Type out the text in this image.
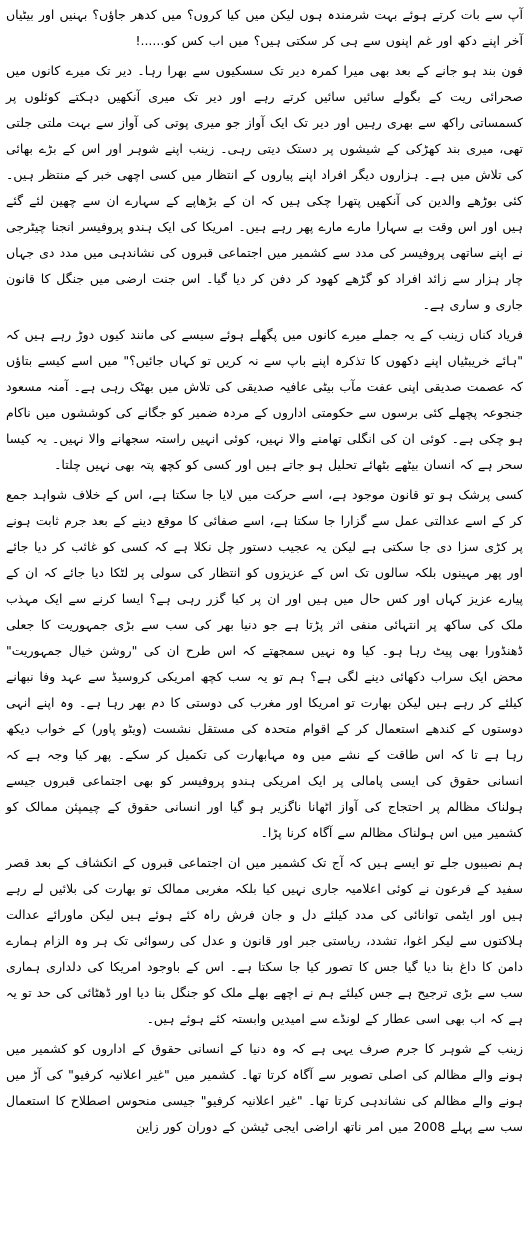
آپ سے بات کرتے ہوئے بہت شرمندہ ہوں لیکن میں کیا کروں؟ میں کدھر جاؤں؟ بہنیں اور بیٹیاں آخر اپنے دکھ اور غم اپنوں سے ہی کر سکتی ہیں؟ میں اب کس کو......!

فون بند ہو جانے کے بعد بھی میرا کمرہ دیر تک سسکیوں سے بھرا رہا۔ دیر تک میرے کانوں میں صحرائی ریت کے بگولے سائیں سائیں کرتے رہے اور دیر تک میری آنکھیں دہکتے کوئلوں پر کسمساتی راکھ سے بھری رہیں اور دیر تک ایک آواز جو میری پوتی کی آواز سے بہت ملتی جلتی تھی، میری بند کھڑکی کے شیشوں پر دستک دیتی رہی۔ زینب اپنے شوہر اور اس کے بڑے بھائی کی تلاش میں ہے۔ ہزاروں دیگر افراد اپنے پیاروں کے انتظار میں کسی اچھی خبر کے منتظر ہیں۔ کئی بوڑھے والدین کی آنکھیں پتھرا چکی ہیں کہ ان کے بڑھاپے کے سہارے ان سے چھین لئے گئے ہیں اور اس وقت بے سہارا مارے مارے پھر رہے ہیں۔ امریکا کی ایک ہندو پروفیسر انجنا چیٹرجی نے اپنے ساتھی پروفیسر کی مدد سے کشمیر میں اجتماعی قبروں کی نشاندہی میں مدد دی جہاں چار ہزار سے زائد افراد کو گڑھے کھود کر دفن کر دیا گیا۔ اس جنت ارضی میں جنگل کا قانون جاری و ساری ہے۔

فریاد کناں زینب کے یہ جملے میرے کانوں میں پگھلے ہوئے سیسے کی مانند کیوں دوڑ رہے ہیں کہ "ہائے خریبٹیاں اپنے دکھوں کا تذکرہ اپنے باپ سے نہ کریں تو کہاں جائیں؟" میں اسے کیسے بتاؤں کہ عصمت صدیقی اپنی عفت مآب بیٹی عافیہ صدیقی کی تلاش میں بھٹک رہی ہے۔ آمنہ مسعود جنجوعہ پچھلے کئی برسوں سے حکومتی اداروں کے مردہ ضمیر کو جگانے کی کوششوں میں ناکام ہو چکی ہے۔ کوئی ان کی انگلی تھامنے والا نہیں، کوئی انہیں راستہ سجھانے والا نہیں۔ یہ کیسا سحر ہے کہ انسان بیٹھے بٹھائے تحلیل ہو جاتے ہیں اور کسی کو کچھ پتہ بھی نہیں چلتا۔

کسی پرشک ہو تو قانون موجود ہے، اسے حرکت میں لایا جا سکتا ہے، اس کے خلاف شواہد جمع کر کے اسے عدالتی عمل سے گزارا جا سکتا ہے، اسے صفائی کا موقع دینے کے بعد جرم ثابت ہونے پر کڑی سزا دی جا سکتی ہے لیکن یہ عجیب دستور چل نکلا ہے کہ کسی کو غائب کر دیا جائے اور پھر مہینوں بلکہ سالوں تک اس کے عزیزوں کو انتظار کی سولی پر لٹکا دیا جائے کہ ان کے پیارے عزیز کہاں اور کس حال میں ہیں اور ان پر کیا گزر رہی ہے؟ ایسا کرنے سے ایک مہذب ملک کی ساکھ پر انتہائی منفی اثر پڑتا ہے جو دنیا بھر کی سب سے بڑی جمہوریت کا جعلی ڈھنڈورا بھی پیٹ رہا ہو۔ کیا وہ نہیں سمجھتے کہ اس طرح ان کی "روشن خیال جمہوریت" محض ایک سراب دکھائی دینے لگی ہے؟ ہم تو یہ سب کچھ امریکی کروسیڈ سے عہد وفا نبھانے کیلئے کر رہے ہیں لیکن بھارت تو امریکا اور مغرب کی دوستی کا دم بھر رہا ہے۔ وہ اپنے انہی دوستوں کے کندھے استعمال کر کے اقوام متحدہ کی مستقل نشست (ویٹو پاور) کے خواب دیکھ رہا ہے تا کہ اس طاقت کے نشے میں وہ مہابھارت کی تکمیل کر سکے۔ پھر کیا وجہ ہے کہ انسانی حقوق کی ایسی پامالی پر ایک امریکی ہندو پروفیسر کو بھی اجتماعی قبروں جیسے ہولناک مظالم پر احتجاج کی آواز اٹھانا ناگزیر ہو گیا اور انسانی حقوق کے چیمپئن ممالک کو کشمیر میں اس ہولناک مظالم سے آگاہ کرنا پڑا۔

ہم نصیبوں جلے تو ایسے ہیں کہ آج تک کشمیر میں ان اجتماعی قبروں کے انکشاف کے بعد قصر سفید کے فرعون نے کوئی اعلامیہ جاری نہیں کیا بلکہ مغربی ممالک تو بھارت کی بلائیں لے رہے ہیں اور ایٹمی توانائی کی مدد کیلئے دل و جان فرش راہ کئے ہوئے ہیں لیکن ماورائے عدالت ہلاکتوں سے لیکر اغوا، تشدد، ریاستی جبر اور قانون و عدل کی رسوائی تک ہر وہ الزام ہمارے دامن کا داغ بنا دیا گیا جس کا تصور کیا جا سکتا ہے۔ اس کے باوجود امریکا کی دلداری ہماری سب سے بڑی ترجیح ہے جس کیلئے ہم نے اچھے بھلے ملک کو جنگل بنا دیا اور ڈھٹائی کی حد تو یہ ہے کہ اب بھی اسی عطار کے لونڈے سے امیدیں وابستہ کئے ہوئے ہیں۔

زینب کے شوہر کا جرم صرف یہی ہے کہ وہ دنیا کے انسانی حقوق کے اداروں کو کشمیر میں ہونے والے مظالم کی اصلی تصویر سے آگاہ کرتا تھا۔ کشمیر میں "غیر اعلانیہ کرفیو" کی آڑ میں ہونے والے مظالم کی نشاندہی کرتا تھا۔ "غیر اعلانیہ کرفیو" جیسی منحوس اصطلاح کا استعمال سب سے پہلے 2008 میں امر ناتھ اراضی ایجی ٹیشن کے دوران کور زاین
